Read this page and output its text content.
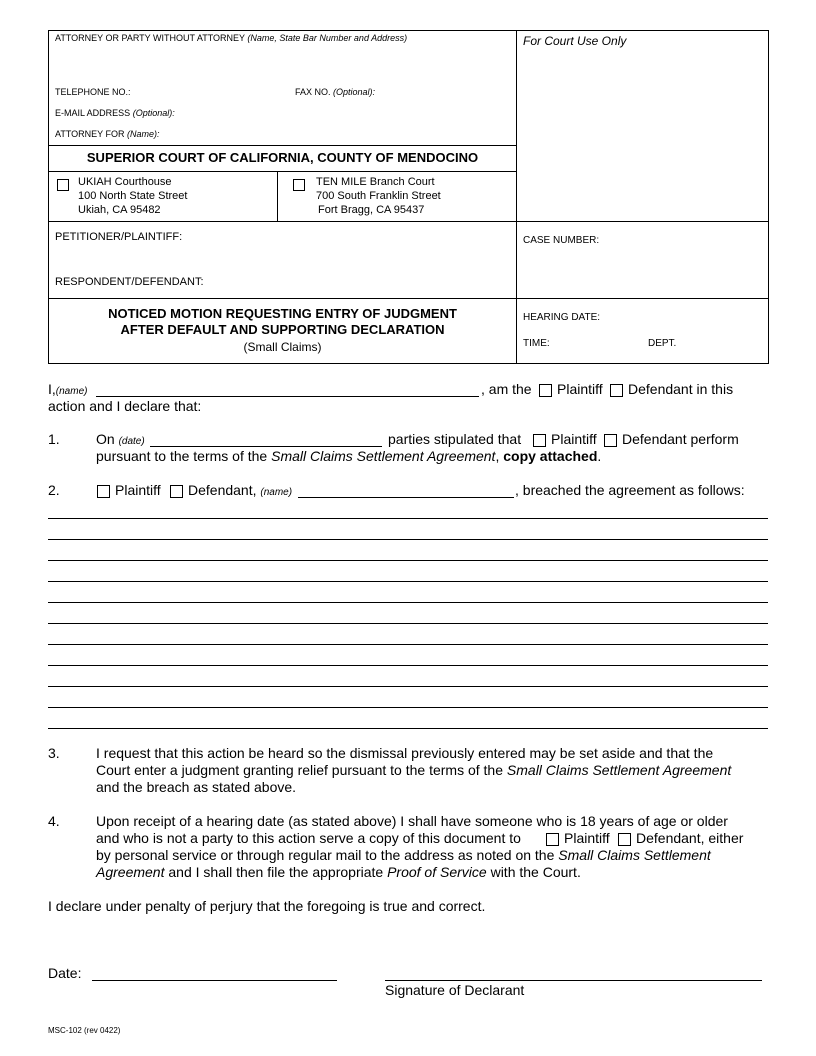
ATTORNEY OR PARTY WITHOUT ATTORNEY (Name, State Bar Number and Address)	For Court Use Only
TELEPHONE NO.:	FAX NO. (Optional):
E-MAIL ADDRESS (Optional):
ATTORNEY FOR (Name):
SUPERIOR COURT OF CALIFORNIA, COUNTY OF MENDOCINO
UKIAH Courthouse
100 North State Street
Ukiah, CA 95482
TEN MILE Branch Court
700 South Franklin Street
Fort Bragg, CA 95437
PETITIONER/PLAINTIFF:
RESPONDENT/DEFENDANT:
CASE NUMBER:
NOTICED MOTION REQUESTING ENTRY OF JUDGMENT
AFTER DEFAULT AND SUPPORTING DECLARATION
(Small Claims)
HEARING DATE:
TIME:	DEPT.
I,(name)	, am the Plaintiff Defendant in this
action and I declare that:
1.	On (date)	parties stipulated that Plaintiff Defendant perform
pursuant to the terms of the Small Claims Settlement Agreement, copy attached.
2.	Plaintiff Defendant, (name)	, breached the agreement as follows:
3.	I request that this action be heard so the dismissal previously entered may be set aside and that the
Court enter a judgment granting relief pursuant to the terms of the Small Claims Settlement Agreement
and the breach as stated above.
4.	Upon receipt of a hearing date (as stated above) I shall have someone who is 18 years of age or older
and who is not a party to this action serve a copy of this document to	Plaintiff Defendant, either
by personal service or through regular mail to the address as noted on the Small Claims Settlement
Agreement and I shall then file the appropriate Proof of Service with the Court.
I declare under penalty of perjury that the foregoing is true and correct.
Date:
Signature of Declarant
MSC-102 (rev 0422)
